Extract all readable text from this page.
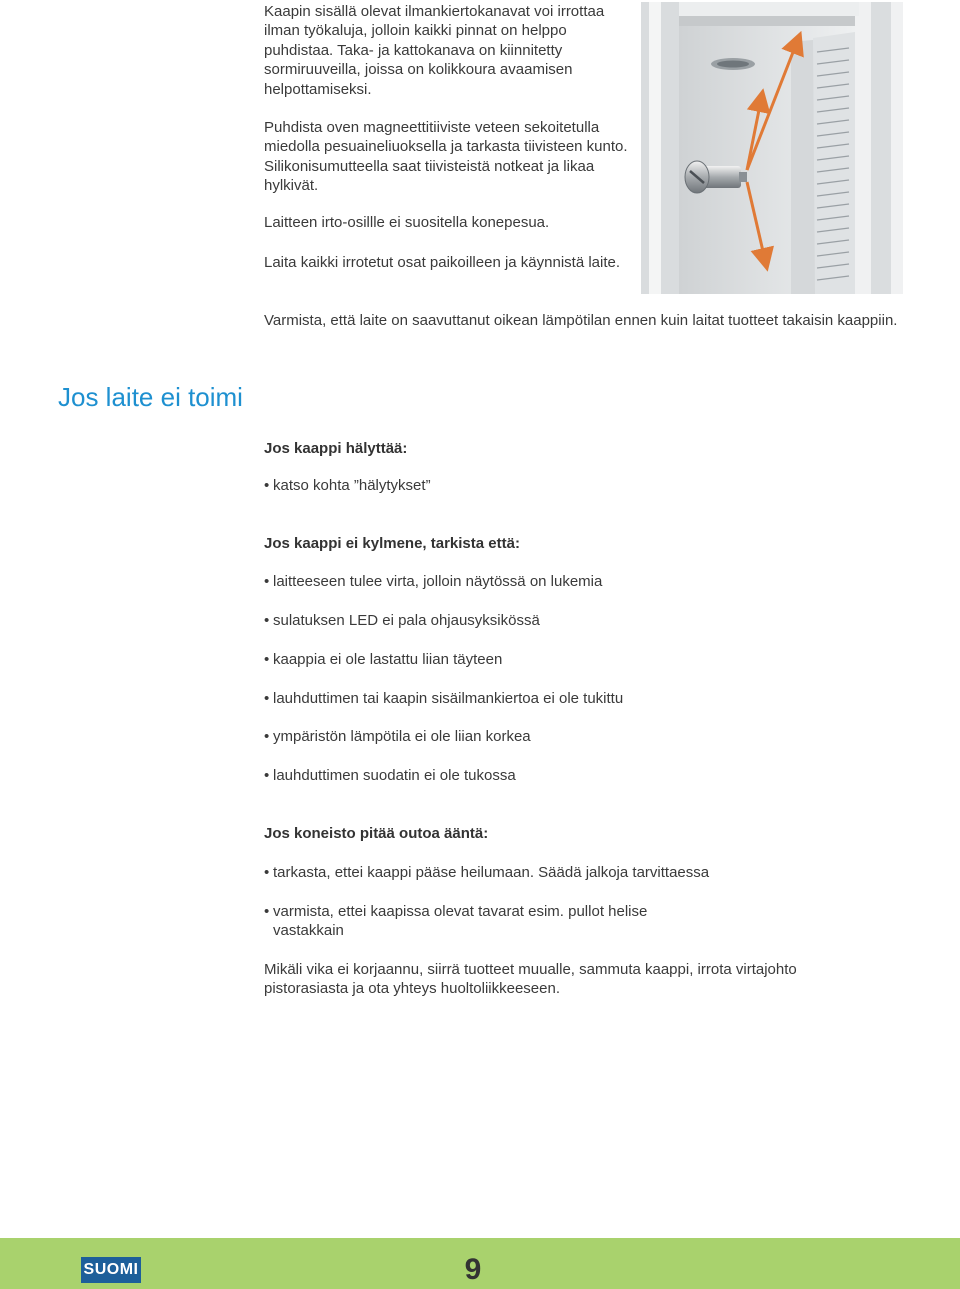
Kaapin sisällä olevat ilmankiertokanavat voi irrottaa ilman työkaluja, jolloin kaikki pinnat on helppo puhdistaa. Taka- ja kattokanava on kiinnitetty sormiruuveilla, joissa on kolikkoura avaamisen helpottamiseksi.

Puhdista oven magneettitiiviste veteen sekoitetulla miedolla pesuaineliuoksella ja tarkasta tiivisteen kunto. Silikonisumutteella saat tiivisteistä notkeat ja likaa hylkivät.

Laitteen irto-osillle ei suositella konepesua.

Laita kaikki irrotetut osat paikoilleen ja käynnistä laite.

Varmista, että laite on saavuttanut oikean lämpötilan ennen kuin laitat tuotteet takaisin kaappiin.

Jos laite ei toimi

Jos kaappi hälyttää:

• katso kohta ”hälytykset”

Jos kaappi ei kylmene, tarkista että:

• laitteeseen tulee virta, jolloin näytössä on lukemia
• sulatuksen LED ei pala ohjausyksikössä
• kaappia ei ole lastattu liian täyteen
• lauhduttimen tai kaapin sisäilmankiertoa ei ole tukittu
• ympäristön lämpötila ei ole liian korkea
• lauhduttimen suodatin ei ole tukossa

Jos koneisto pitää outoa ääntä:

• tarkasta, ettei kaappi pääse heilumaan. Säädä jalkoja tarvittaessa
• varmista, ettei kaapissa olevat tavarat esim. pullot helise vastakkain

Mikäli vika ei korjaannu, siirrä tuotteet muualle, sammuta kaappi, irrota virtajohto pistorasiasta ja ota yhteys huoltoliikkeeseen.

SUOMI	9
